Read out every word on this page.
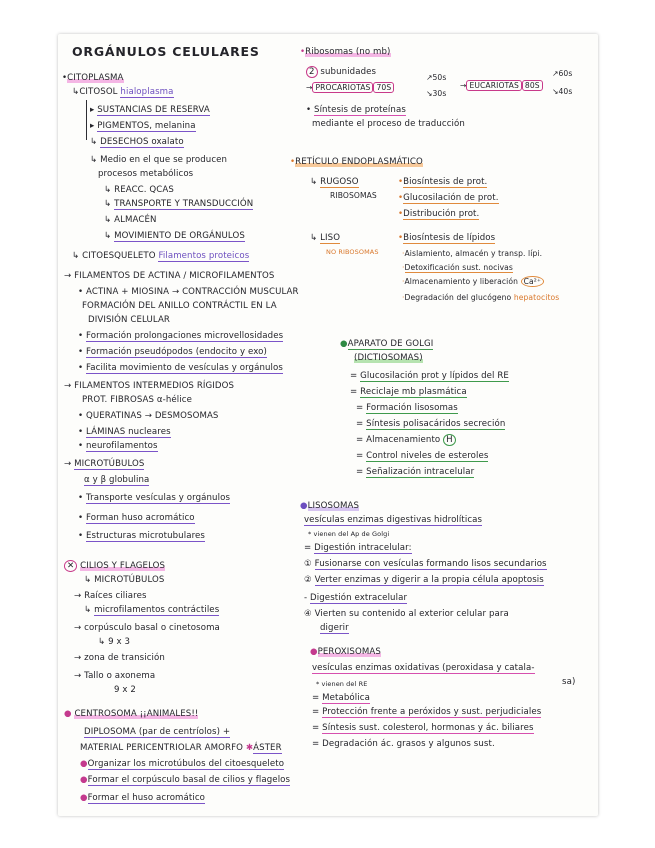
ORGÁNULOS CELULARES
•CITOPLASMA
↳CITOSOL hialoplasma
▸ SUSTANCIAS DE RESERVA
▸ PIGMENTOS, melanina
↳ DESECHOS oxalato
↳ Medio en el que se producen
procesos metabólicos
↳ REACC. QCAS
↳ TRANSPORTE Y TRANSDUCCIÓN
↳ ALMACÉN
↳ MOVIMIENTO DE ORGÁNULOS
↳ CITOESQUELETO Filamentos proteicos
→ FILAMENTOS DE ACTINA / MICROFILAMENTOS
• ACTINA + MIOSINA → CONTRACCIÓN MUSCULAR
FORMACIÓN DEL ANILLO CONTRÁCTIL EN LA
DIVISIÓN CELULAR
• Formación prolongaciones microvellosidades
• Formación pseudópodos (endocito y exo)
• Facilita movimiento de vesículas y orgánulos
→ FILAMENTOS INTERMEDIOS RÍGIDOS
PROT. FIBROSAS α-hélice
• QUERATINAS → DESMOSOMAS
• LÁMINAS nucleares
• neurofilamentos
→ MICROTÚBULOS
α y β globulina
• Transporte vesículas y orgánulos
• Forman huso acromático
• Estructuras microtubulares
✕ CILIOS Y FLAGELOS
↳ MICROTÚBULOS
→ Raíces ciliares
↳ microfilamentos contráctiles
→ corpúsculo basal o cinetosoma
↳ 9 x 3
→ zona de transición
→ Tallo o axonema
9 x 2
● CENTROSOMA ¡¡ANIMALES!!
DIPLOSOMA (par de centríolos) +
MATERIAL PERICENTRIOLAR AMORFO ✱ÁSTER
●Organizar los microtúbulos del citoesqueleto
●Formar el corpúsculo basal de cilios y flagelos
●Formar el huso acromático
•Ribosomas (no mb)
2 subunidades
→ PROCARIOTAS 70S
↗50s
↘30s
→ EUCARIOTAS 80S
↗60s
↘40s
• Síntesis de proteínas
mediante el proceso de traducción
•RETÍCULO ENDOPLASMÁTICO
↳ RUGOSO
RIBOSOMAS
•Biosíntesis de prot.
•Glucosilación de prot.
•Distribución prot.
↳ LISO
NO RIBOSOMAS
•Biosíntesis de lípidos
·Aislamiento, almacén y transp. lípi.
·Detoxificación sust. nocivas
·Almacenamiento y liberación Ca²⁺
·Degradación del glucógeno hepatocitos
●APARATO DE GOLGI
(DICTIOSOMAS)
= Glucosilación prot y lípidos del RE
= Reciclaje mb plasmática
= Formación lisosomas
= Síntesis polisacáridos secreción
= Almacenamiento H
= Control niveles de esteroles
= Señalización intracelular
●LISOSOMAS
vesículas enzimas digestivas hidrolíticas
* vienen del Ap de Golgi
= Digestión intracelular:
① Fusionarse con vesículas formando lisos secundarios
② Verter enzimas y digerir a la propia célula apoptosis
- Digestión extracelular
④ Vierten su contenido al exterior celular para
digerir
●PEROXISOMAS
vesículas enzimas oxidativas (peroxidasa y catala-
sa)
* vienen del RE
= Metabólica
= Protección frente a peróxidos y sust. perjudiciales
= Síntesis sust. colesterol, hormonas y ác. biliares
= Degradación ác. grasos y algunos sust.
